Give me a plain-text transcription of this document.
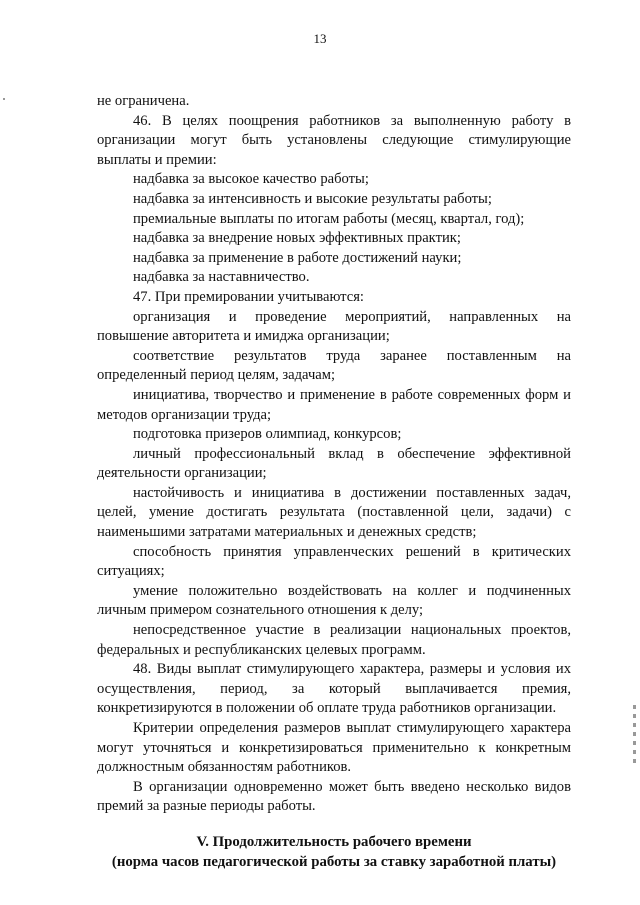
13

не ограничена.

46. В целях поощрения работников за выполненную работу в организации могут быть установлены следующие стимулирующие выплаты и премии:

надбавка за высокое качество работы;

надбавка за интенсивность и высокие результаты работы;

премиальные выплаты по итогам работы (месяц, квартал, год);

надбавка за внедрение новых эффективных практик;

надбавка за применение в работе достижений науки;

надбавка за наставничество.

47. При премировании учитываются:

организация и проведение мероприятий, направленных на повышение авторитета и имиджа организации;

соответствие результатов труда заранее поставленным на определенный период целям, задачам;

инициатива, творчество и применение в работе современных форм и методов организации труда;

подготовка призеров олимпиад, конкурсов;

личный профессиональный вклад в обеспечение эффективной деятельности организации;

настойчивость и инициатива в достижении поставленных задач, целей, умение достигать результата (поставленной цели, задачи) с наименьшими затратами материальных и денежных средств;

способность принятия управленческих решений в критических ситуациях;

умение положительно воздействовать на коллег и подчиненных личным примером сознательного отношения к делу;

непосредственное участие в реализации национальных проектов, федеральных и республиканских целевых программ.

48. Виды выплат стимулирующего характера, размеры и условия их осуществления, период, за который выплачивается премия, конкретизируются в положении об оплате труда работников организации.

Критерии определения размеров выплат стимулирующего характера могут уточняться и конкретизироваться применительно к конкретным должностным обязанностям работников.

В организации одновременно может быть введено несколько видов премий за разные периоды работы.

V. Продолжительность рабочего времени

(норма часов педагогической работы за ставку заработной платы)
